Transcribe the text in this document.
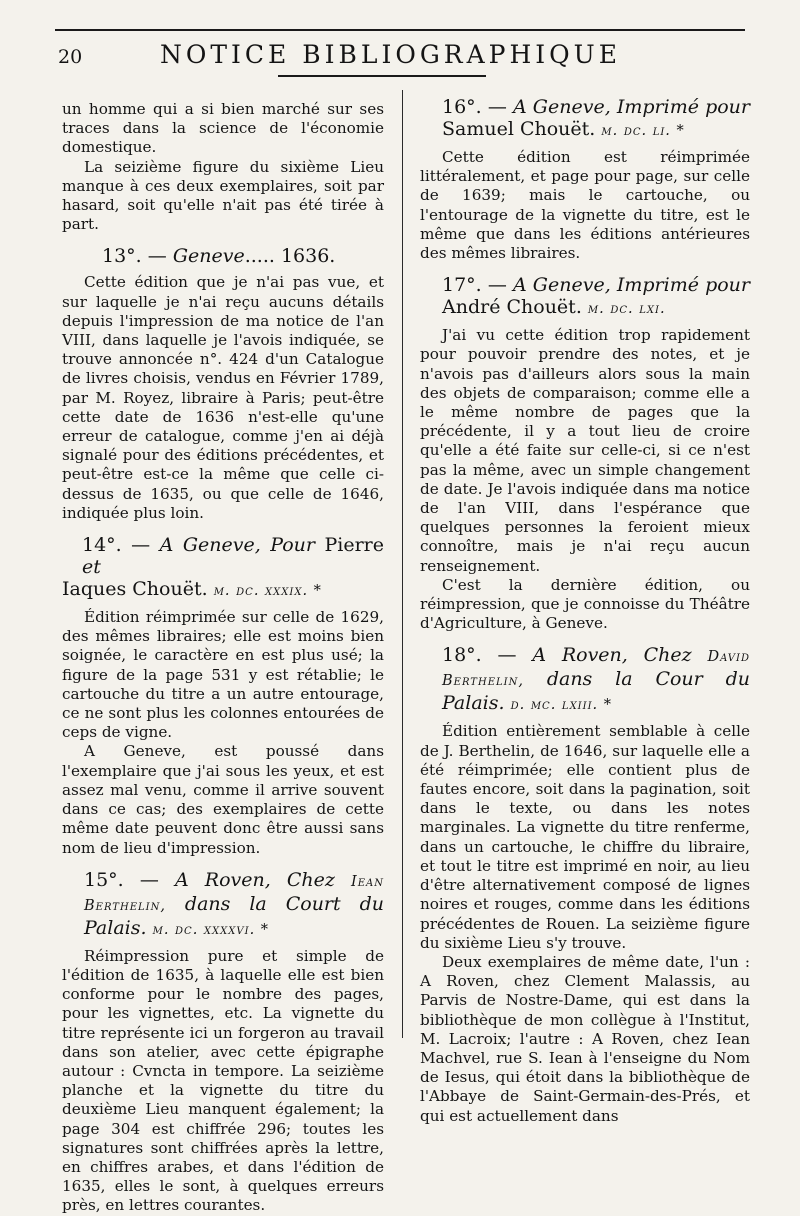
20	NOTICE BIBLIOGRAPHIQUE

un homme qui a si bien marché sur ses traces dans la science de l'économie domestique.

La seizième figure du sixième Lieu manque à ces deux exemplaires, soit par hasard, soit qu'elle n'ait pas été tirée à part.

13°. — Geneve..... 1636.

Cette édition que je n'ai pas vue, et sur laquelle je n'ai reçu aucuns détails depuis l'impression de ma notice de l'an VIII, dans laquelle je l'avois indiquée, se trouve annoncée n°. 424 d'un Catalogue de livres choisis, vendus en Février 1789, par M. Royez, libraire à Paris; peut-être cette date de 1636 n'est-elle qu'une erreur de catalogue, comme j'en ai déjà signalé pour des éditions précédentes, et peut-être est-ce la même que celle ci-dessus de 1635, ou que celle de 1646, indiquée plus loin.

14°. — A Geneve, Pour Pierre et
Iaques Chouët. m. dc. xxxix. *

Édition réimprimée sur celle de 1629, des mêmes libraires; elle est moins bien soignée, le caractère en est plus usé; la figure de la page 531 y est rétablie; le cartouche du titre a un autre entourage, ce ne sont plus les colonnes entourées de ceps de vigne.

A Geneve, est poussé dans l'exemplaire que j'ai sous les yeux, et est assez mal venu, comme il arrive souvent dans ce cas; des exemplaires de cette même date peuvent donc être aussi sans nom de lieu d'impression.

15°. — A Roven, Chez Iean Berthelin, dans la Court du Palais. m. dc. xxxxvi. *

Réimpression pure et simple de l'édition de 1635, à laquelle elle est bien conforme pour le nombre des pages, pour les vignettes, etc. La vignette du titre représente ici un forgeron au travail dans son atelier, avec cette épigraphe autour : Cvncta in tempore. La seizième planche et la vignette du titre du deuxième Lieu manquent également; la page 304 est chiffrée 296; toutes les signatures sont chiffrées après la lettre, en chiffres arabes, et dans l'édition de 1635, elles le sont, à quelques erreurs près, en lettres courantes.

16°. — A Geneve, Imprimé pour Samuel Chouët. m. dc. li. *

Cette édition est réimprimée littéralement, et page pour page, sur celle de 1639; mais le cartouche, ou l'entourage de la vignette du titre, est le même que dans les éditions antérieures des mêmes libraires.

17°. — A Geneve, Imprimé pour André Chouët. m. dc. lxi.

J'ai vu cette édition trop rapidement pour pouvoir prendre des notes, et je n'avois pas d'ailleurs alors sous la main des objets de comparaison; comme elle a le même nombre de pages que la précédente, il y a tout lieu de croire qu'elle a été faite sur celle-ci, si ce n'est pas la même, avec un simple changement de date. Je l'avois indiquée dans ma notice de l'an VIII, dans l'espérance que quelques personnes la feroient mieux connoître, mais je n'ai reçu aucun renseignement.

C'est la dernière édition, ou réimpression, que je connoisse du Théâtre d'Agriculture, à Geneve.

18°. — A Roven, Chez David Berthelin, dans la Cour du Palais. d. mc. lxiii. *

Édition entièrement semblable à celle de J. Berthelin, de 1646, sur laquelle elle a été réimprimée; elle contient plus de fautes encore, soit dans la pagination, soit dans le texte, ou dans les notes marginales. La vignette du titre renferme, dans un cartouche, le chiffre du libraire, et tout le titre est imprimé en noir, au lieu d'être alternativement composé de lignes noires et rouges, comme dans les éditions précédentes de Rouen. La seizième figure du sixième Lieu s'y trouve.

Deux exemplaires de même date, l'un : A Roven, chez Clement Malassis, au Parvis de Nostre-Dame, qui est dans la bibliothèque de mon collègue à l'Institut, M. Lacroix; l'autre : A Roven, chez Iean Machvel, rue S. Iean à l'enseigne du Nom de Iesus, qui étoit dans la bibliothèque de l'Abbaye de Saint-Germain-des-Prés, et qui est actuellement dans
